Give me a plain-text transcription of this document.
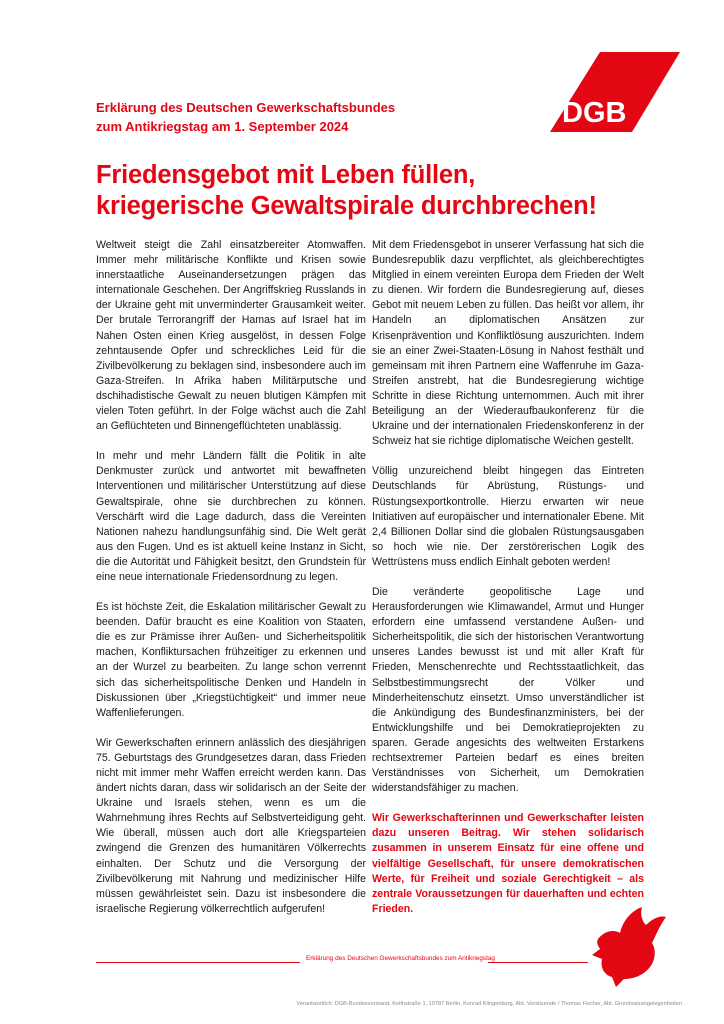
DGB
Erklärung des Deutschen Gewerkschaftsbundes
zum Antikriegstag am 1. September 2024
Friedensgebot mit Leben füllen,
kriegerische Gewaltspirale durchbrechen!

Weltweit steigt die Zahl einsatzbereiter Atomwaffen. Immer mehr militärische Konflikte und Krisen sowie innerstaatliche Auseinandersetzungen prägen das internationale Geschehen. Der Angriffskrieg Russlands in der Ukraine geht mit unverminderter Grausamkeit weiter. Der brutale Terrorangriff der Hamas auf Israel hat im Nahen Osten einen Krieg ausgelöst, in dessen Folge zehntausende Opfer und schreckliches Leid für die Zivilbevölkerung zu beklagen sind, insbesondere auch im Gaza-Streifen. In Afrika haben Militärputsche und dschihadistische Gewalt zu neuen blutigen Kämpfen mit vielen Toten geführt. In der Folge wächst auch die Zahl an Geflüchteten und Binnengeflüchteten unablässig.

In mehr und mehr Ländern fällt die Politik in alte Denkmuster zurück und antwortet mit bewaffneten Interventionen und militärischer Unterstützung auf diese Gewaltspirale, ohne sie durchbrechen zu können. Verschärft wird die Lage dadurch, dass die Vereinten Nationen nahezu handlungsunfähig sind. Die Welt gerät aus den Fugen. Und es ist aktuell keine Instanz in Sicht, die die Autorität und Fähigkeit besitzt, den Grundstein für eine neue internationale Friedensordnung zu legen.

Es ist höchste Zeit, die Eskalation militärischer Gewalt zu beenden. Dafür braucht es eine Koalition von Staaten, die es zur Prämisse ihrer Außen- und Sicherheitspolitik machen, Konfliktursachen frühzeitiger zu erkennen und an der Wurzel zu bearbeiten. Zu lange schon verrennt sich das sicherheitspolitische Denken und Handeln in Diskussionen über „Kriegstüchtigkeit“ und immer neue Waffenlieferungen.

Wir Gewerkschaften erinnern anlässlich des diesjährigen 75. Geburtstags des Grundgesetzes daran, dass Frieden nicht mit immer mehr Waffen erreicht werden kann. Das ändert nichts daran, dass wir solidarisch an der Seite der Ukraine und Israels stehen, wenn es um die Wahrnehmung ihres Rechts auf Selbstverteidigung geht. Wie überall, müssen auch dort alle Kriegsparteien zwingend die Grenzen des humanitären Völkerrechts einhalten. Der Schutz und die Versorgung der Zivilbevölkerung mit Nahrung und medizinischer Hilfe müssen gewährleistet sein. Dazu ist insbesondere die israelische Regierung völkerrechtlich aufgerufen!

Mit dem Friedensgebot in unserer Verfassung hat sich die Bundesrepublik dazu verpflichtet, als gleichberechtigtes Mitglied in einem vereinten Europa dem Frieden der Welt zu dienen. Wir fordern die Bundesregierung auf, dieses Gebot mit neuem Leben zu füllen. Das heißt vor allem, ihr Handeln an diplomatischen Ansätzen zur Krisenprävention und Konfliktlösung auszurichten. Indem sie an einer Zwei-Staaten-Lösung in Nahost festhält und gemeinsam mit ihren Partnern eine Waffenruhe im Gaza-Streifen anstrebt, hat die Bundesregierung wichtige Schritte in diese Richtung unternommen. Auch mit ihrer Beteiligung an der Wiederaufbaukonferenz für die Ukraine und der internationalen Friedenskonferenz in der Schweiz hat sie richtige diplomatische Weichen gestellt.

Völlig unzureichend bleibt hingegen das Eintreten Deutschlands für Abrüstung, Rüstungs- und Rüstungsexportkontrolle. Hierzu erwarten wir neue Initiativen auf europäischer und internationaler Ebene. Mit 2,4 Billionen Dollar sind die globalen Rüstungsausgaben so hoch wie nie. Der zerstörerischen Logik des Wettrüstens muss endlich Einhalt geboten werden!

Die veränderte geopolitische Lage und Herausforderungen wie Klimawandel, Armut und Hunger erfordern eine umfassend verstandene Außen- und Sicherheitspolitik, die sich der historischen Verantwortung unseres Landes bewusst ist und mit aller Kraft für Frieden, Menschenrechte und Rechtsstaatlichkeit, das Selbstbestimmungsrecht der Völker und Minderheitenschutz einsetzt. Umso unverständlicher ist die Ankündigung des Bundesfinanzministers, bei der Entwicklungshilfe und bei Demokratieprojekten zu sparen. Gerade angesichts des weltweiten Erstarkens rechtsextremer Parteien bedarf es eines breiten Verständnisses von Sicherheit, um Demokratien widerstandsfähiger zu machen.

Wir Gewerkschafterinnen und Gewerkschafter leisten dazu unseren Beitrag. Wir stehen solidarisch zusammen in unserem Einsatz für eine offene und vielfältige Gesellschaft, für unsere demokratischen Werte, für Freiheit und soziale Gerechtigkeit – als zentrale Voraussetzungen für dauerhaften und echten Frieden.

Erklärung des Deutschen Gewerkschaftsbundes zum Antikriegstag
Verantwortlich: DGB-Bundesvorstand, Keithstraße 1, 10787 Berlin, Konrad Klingenburg, Abt. Vorsitzende / Thomas Fischer, Abt. Grundsatzangelegenheiten
